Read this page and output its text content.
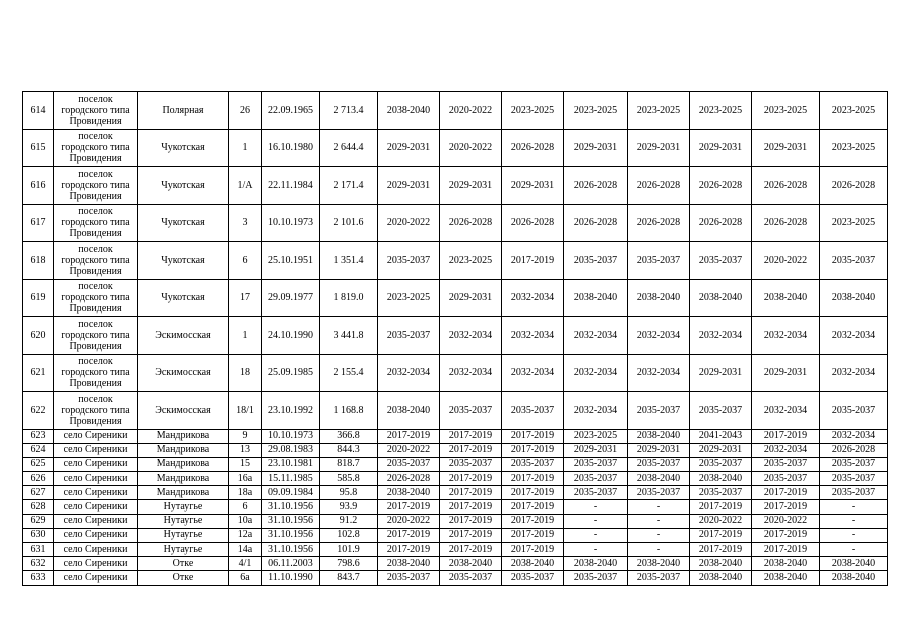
614	поселок городского типа Провидения	Полярная	26	22.09.1965	2 713.4	2038-2040	2020-2022	2023-2025	2023-2025	2023-2025	2023-2025	2023-2025	2023-2025
615	поселок городского типа Провидения	Чукотская	1	16.10.1980	2 644.4	2029-2031	2020-2022	2026-2028	2029-2031	2029-2031	2029-2031	2029-2031	2023-2025
616	поселок городского типа Провидения	Чукотская	1/А	22.11.1984	2 171.4	2029-2031	2029-2031	2029-2031	2026-2028	2026-2028	2026-2028	2026-2028	2026-2028
617	поселок городского типа Провидения	Чукотская	3	10.10.1973	2 101.6	2020-2022	2026-2028	2026-2028	2026-2028	2026-2028	2026-2028	2026-2028	2023-2025
618	поселок городского типа Провидения	Чукотская	6	25.10.1951	1 351.4	2035-2037	2023-2025	2017-2019	2035-2037	2035-2037	2035-2037	2020-2022	2035-2037
619	поселок городского типа Провидения	Чукотская	17	29.09.1977	1 819.0	2023-2025	2029-2031	2032-2034	2038-2040	2038-2040	2038-2040	2038-2040	2038-2040
620	поселок городского типа Провидения	Эскимосская	1	24.10.1990	3 441.8	2035-2037	2032-2034	2032-2034	2032-2034	2032-2034	2032-2034	2032-2034	2032-2034
621	поселок городского типа Провидения	Эскимосская	18	25.09.1985	2 155.4	2032-2034	2032-2034	2032-2034	2032-2034	2032-2034	2029-2031	2029-2031	2032-2034
622	поселок городского типа Провидения	Эскимосская	18/1	23.10.1992	1 168.8	2038-2040	2035-2037	2035-2037	2032-2034	2035-2037	2035-2037	2032-2034	2035-2037
623	село Сиреники	Мандрикова	9	10.10.1973	366.8	2017-2019	2017-2019	2017-2019	2023-2025	2038-2040	2041-2043	2017-2019	2032-2034
624	село Сиреники	Мандрикова	13	29.08.1983	844.3	2020-2022	2017-2019	2017-2019	2029-2031	2029-2031	2029-2031	2032-2034	2026-2028
625	село Сиреники	Мандрикова	15	23.10.1981	818.7	2035-2037	2035-2037	2035-2037	2035-2037	2035-2037	2035-2037	2035-2037	2035-2037
626	село Сиреники	Мандрикова	16а	15.11.1985	585.8	2026-2028	2017-2019	2017-2019	2035-2037	2038-2040	2038-2040	2035-2037	2035-2037
627	село Сиреники	Мандрикова	18а	09.09.1984	95.8	2038-2040	2017-2019	2017-2019	2035-2037	2035-2037	2035-2037	2017-2019	2035-2037
628	село Сиреники	Нутаугье	6	31.10.1956	93.9	2017-2019	2017-2019	2017-2019	-	-	2017-2019	2017-2019	-
629	село Сиреники	Нутаугье	10а	31.10.1956	91.2	2020-2022	2017-2019	2017-2019	-	-	2020-2022	2020-2022	-
630	село Сиреники	Нутаугье	12а	31.10.1956	102.8	2017-2019	2017-2019	2017-2019	-	-	2017-2019	2017-2019	-
631	село Сиреники	Нутаугье	14а	31.10.1956	101.9	2017-2019	2017-2019	2017-2019	-	-	2017-2019	2017-2019	-
632	село Сиреники	Отке	4/1	06.11.2003	798.6	2038-2040	2038-2040	2038-2040	2038-2040	2038-2040	2038-2040	2038-2040	2038-2040
633	село Сиреники	Отке	6а	11.10.1990	843.7	2035-2037	2035-2037	2035-2037	2035-2037	2035-2037	2038-2040	2038-2040	2038-2040
